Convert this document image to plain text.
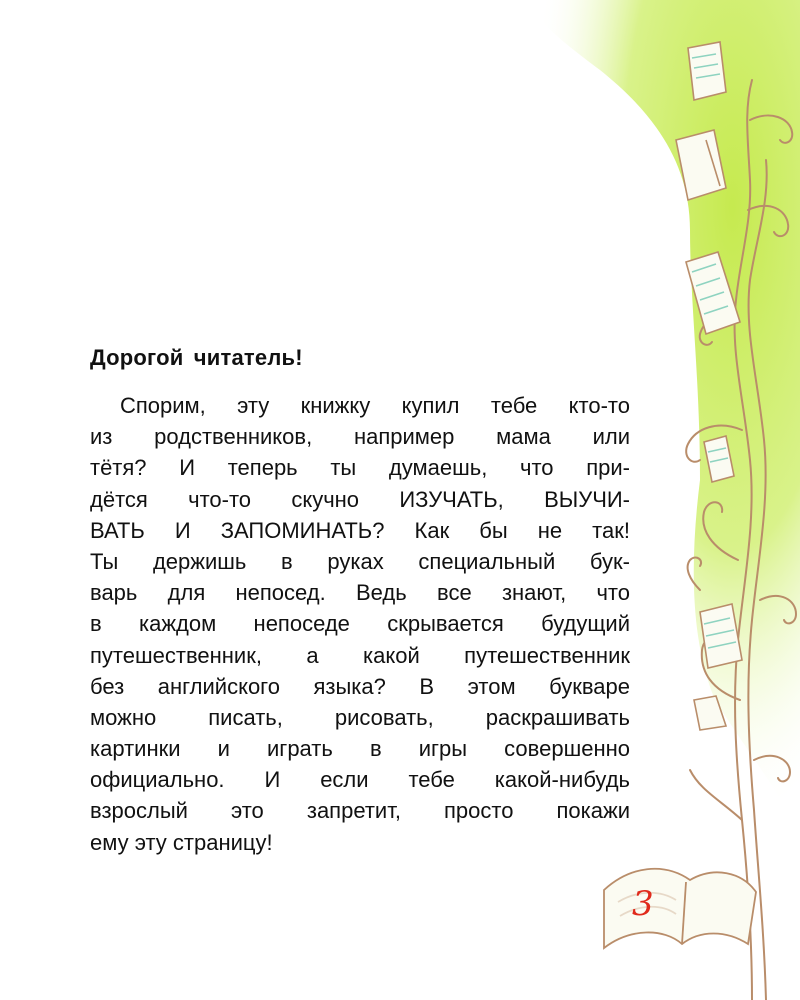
Дорогой читатель!
Спорим, эту книжку купил тебе кто-то
из родственников, например мама или
тётя? И теперь ты думаешь, что при-
дётся что-то скучно ИЗУЧАТЬ, ВЫУЧИ-
ВАТЬ И ЗАПОМИНАТЬ? Как бы не так!
Ты держишь в руках специальный бук-
варь для непосед. Ведь все знают, что
в каждом непоседе скрывается будущий
путешественник, а какой путешественник
без английского языка? В этом букваре
можно писать, рисовать, раскрашивать
картинки и играть в игры совершенно
официально. И если тебе какой-нибудь
взрослый это запретит, просто покажи
ему эту страницу!
3
